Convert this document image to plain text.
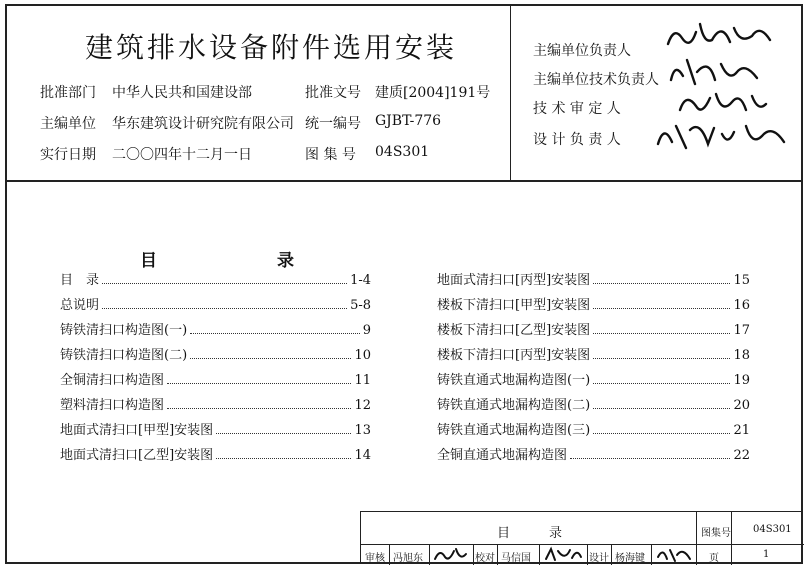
建筑排水设备附件选用安装
批准部门 中华人民共和国建设部	批准文号 建质[2004]191号
主编单位 华东建筑设计研究院有限公司 统一编号 GJBT-776
实行日期 二〇〇四年十二月一日	图 集 号 04S301
主编单位负责人
主编单位技术负责人
技 术 审 定 人
设 计 负 责 人
目	录
目　录	1-4
总说明	5-8
铸铁清扫口构造图(一)	9
铸铁清扫口构造图(二)	10
全铜清扫口构造图	11
塑料清扫口构造图	12
地面式清扫口[甲型]安装图	13
地面式清扫口[乙型]安装图	14
地面式清扫口[丙型]安装图	15
楼板下清扫口[甲型]安装图	16
楼板下清扫口[乙型]安装图	17
楼板下清扫口[丙型]安装图	18
铸铁直通式地漏构造图(一)	19
铸铁直通式地漏构造图(二)	20
铸铁直通式地漏构造图(三)	21
全铜直通式地漏构造图	22
目	录	图集号 04S301
审核 冯旭东	校对 马信国	设计 杨海键	页	1
